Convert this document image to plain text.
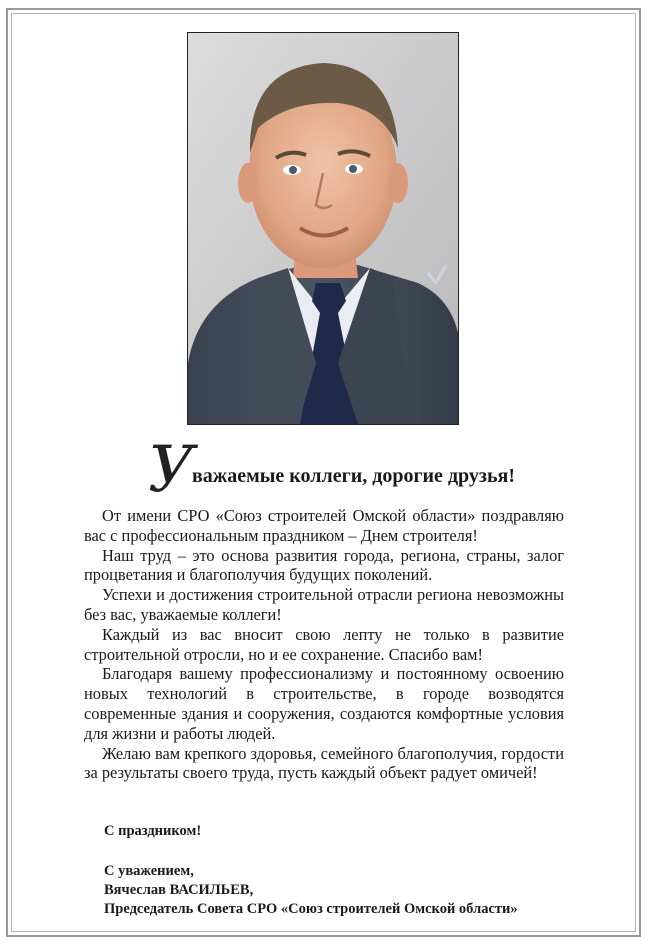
У
важаемые коллеги, дорогие друзья!

От имени СРО «Союз строителей Омской области» поздравляю вас с профессиональным праздником – Днем строителя!

Наш труд – это основа развития города, региона, страны, залог процветания и благополучия будущих поколений.

Успехи и достижения строительной отрасли региона невозможны без вас, уважаемые коллеги!

Каждый из вас вносит свою лепту не только в развитие строительной отросли, но и ее сохранение. Спасибо вам!

Благодаря вашему профессионализму и постоянному освоению новых технологий в строительстве, в городе возводятся современные здания и сооружения, создаются комфортные условия для жизни и работы людей.

Желаю вам крепкого здоровья, семейного благополучия, гордости за результаты своего труда, пусть каждый объект радует омичей!

С праздником!
С уважением,
Вячеслав ВАСИЛЬЕВ,
Председатель Совета СРО «Союз строителей Омской области»
